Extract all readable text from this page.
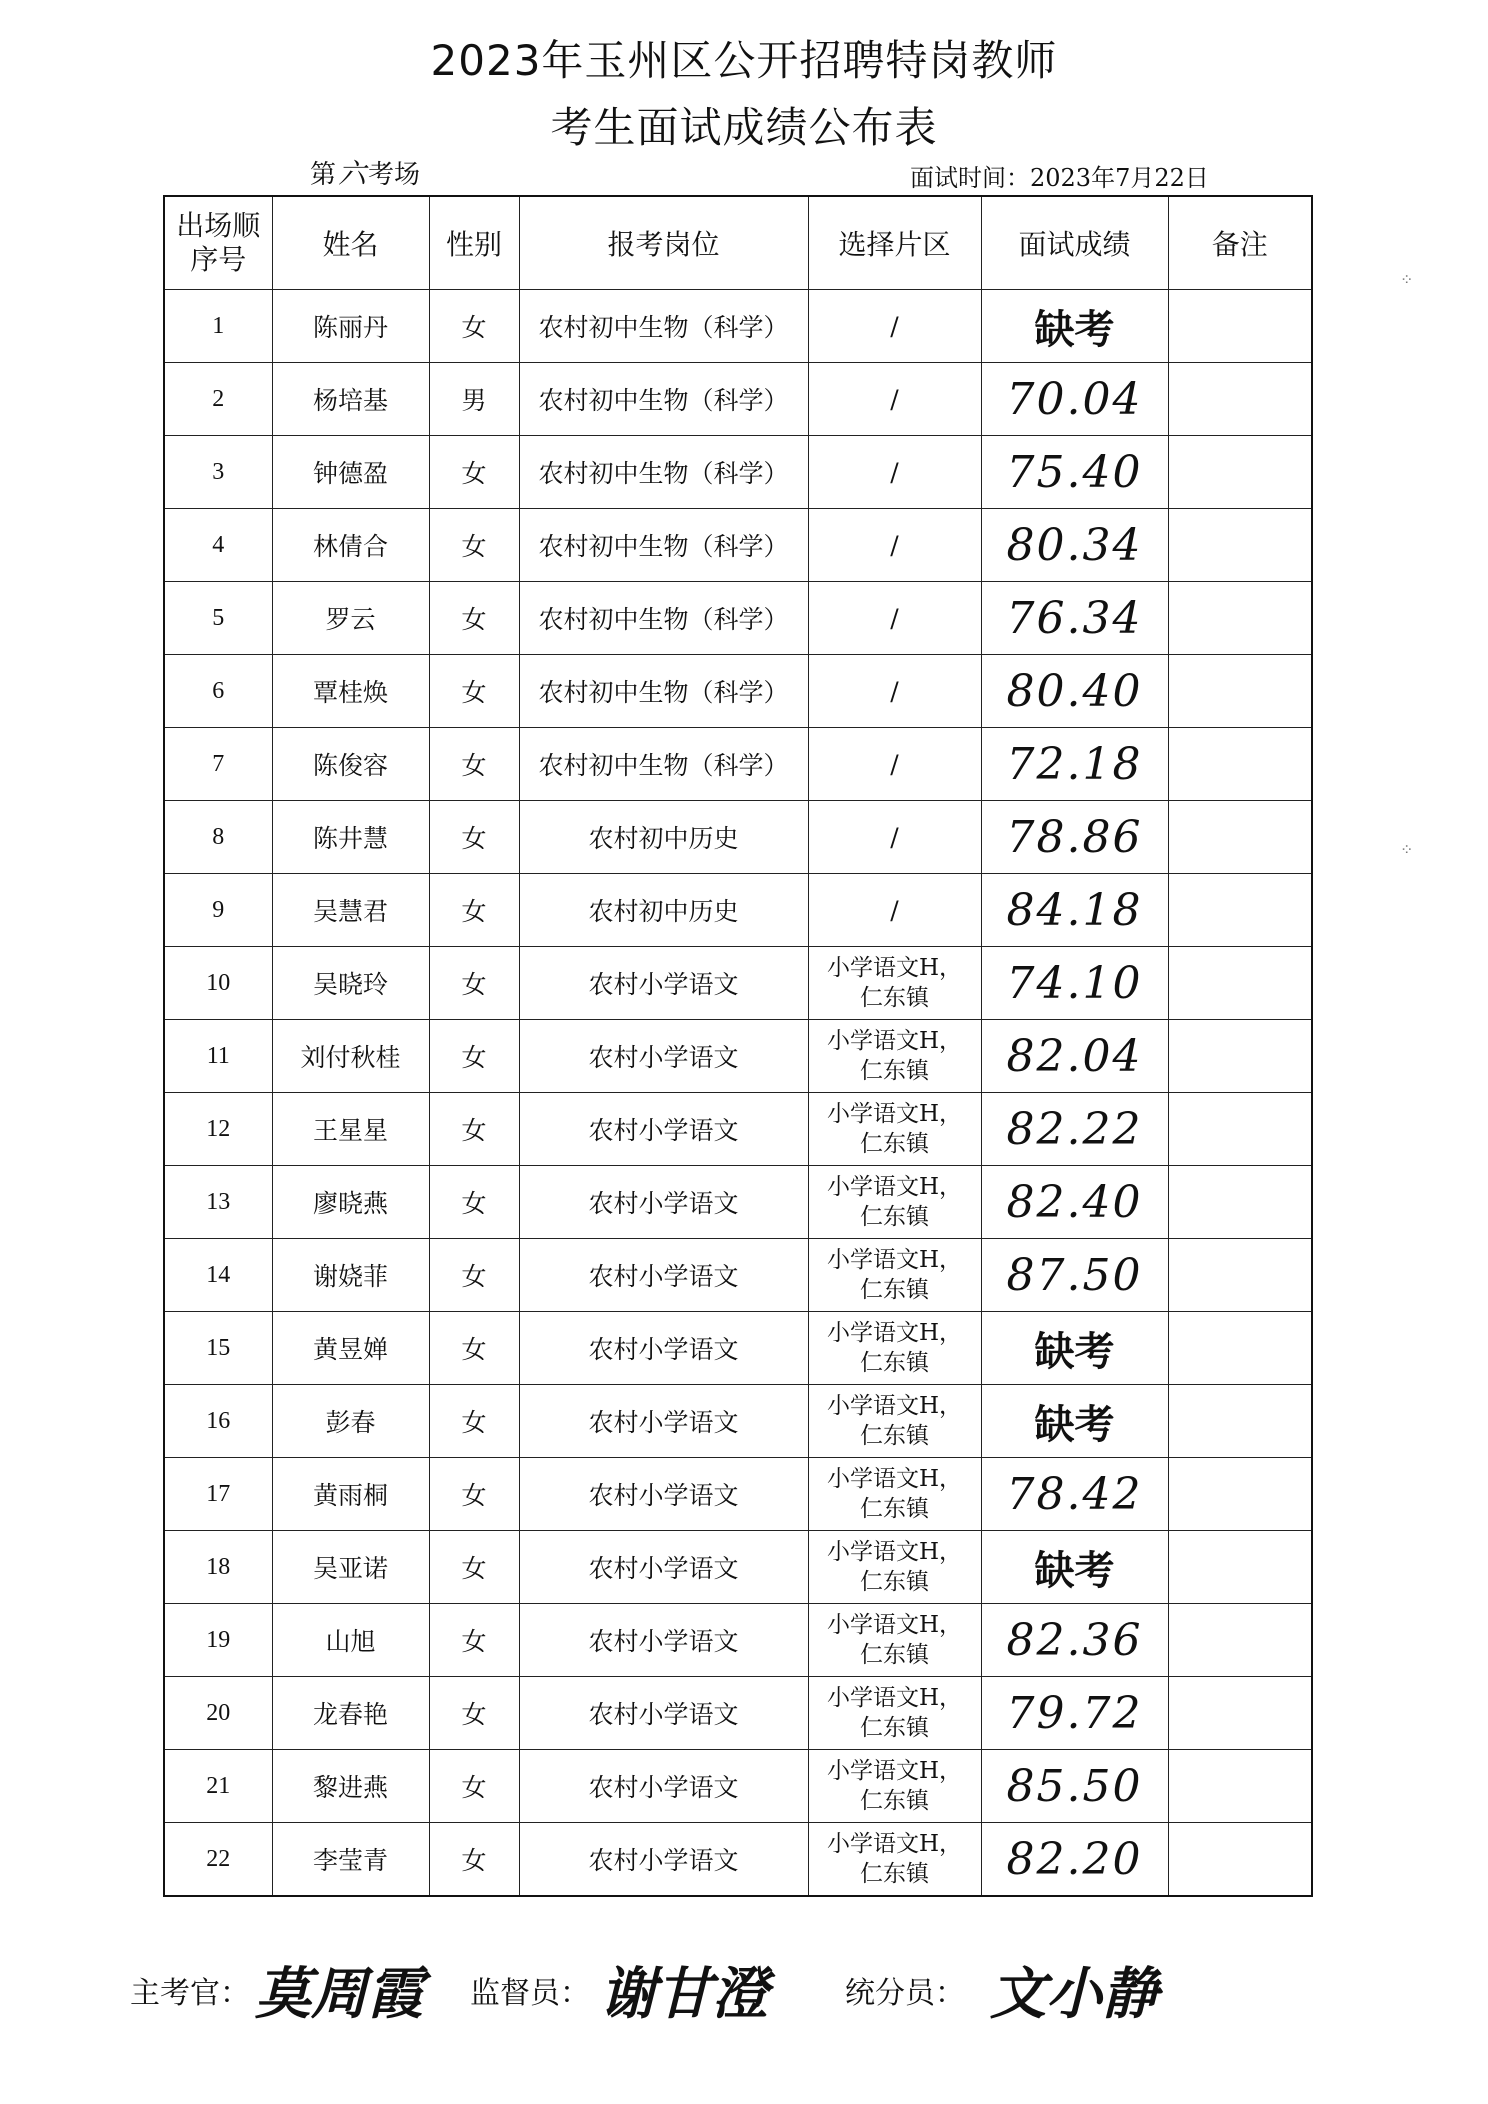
2023年玉州区公开招聘特岗教师
考生面试成绩公布表
第六考场	面试时间：2023年7月22日
出场顺序号	姓名	性别	报考岗位	选择片区	面试成绩	备注
1	陈丽丹	女	农村初中生物（科学）	/	缺考	
2	杨培基	男	农村初中生物（科学）	/	70.04	
3	钟德盈	女	农村初中生物（科学）	/	75.40	
4	林倩合	女	农村初中生物（科学）	/	80.34	
5	罗云	女	农村初中生物（科学）	/	76.34	
6	覃桂焕	女	农村初中生物（科学）	/	80.40	
7	陈俊容	女	农村初中生物（科学）	/	72.18	
8	陈井慧	女	农村初中历史	/	78.86	
9	吴慧君	女	农村初中历史	/	84.18	
10	吴晓玲	女	农村小学语文	小学语文H，
仁东镇	74.10	
11	刘付秋桂	女	农村小学语文	小学语文H，
仁东镇	82.04	
12	王星星	女	农村小学语文	小学语文H，
仁东镇	82.22	
13	廖晓燕	女	农村小学语文	小学语文H，
仁东镇	82.40	
14	谢娆菲	女	农村小学语文	小学语文H，
仁东镇	87.50	
15	黄昱婵	女	农村小学语文	小学语文H，
仁东镇	缺考	
16	彭春	女	农村小学语文	小学语文H，
仁东镇	缺考	
17	黄雨桐	女	农村小学语文	小学语文H，
仁东镇	78.42	
18	吴亚诺	女	农村小学语文	小学语文H，
仁东镇	缺考	
19	山旭	女	农村小学语文	小学语文H，
仁东镇	82.36	
20	龙春艳	女	农村小学语文	小学语文H，
仁东镇	79.72	
21	黎进燕	女	农村小学语文	小学语文H，
仁东镇	85.50	
22	李莹青	女	农村小学语文	小学语文H，
仁东镇	82.20	
主考官： 莫周霞 监督员： 谢甘澄	统分员： 文小静
⁘
⁘
